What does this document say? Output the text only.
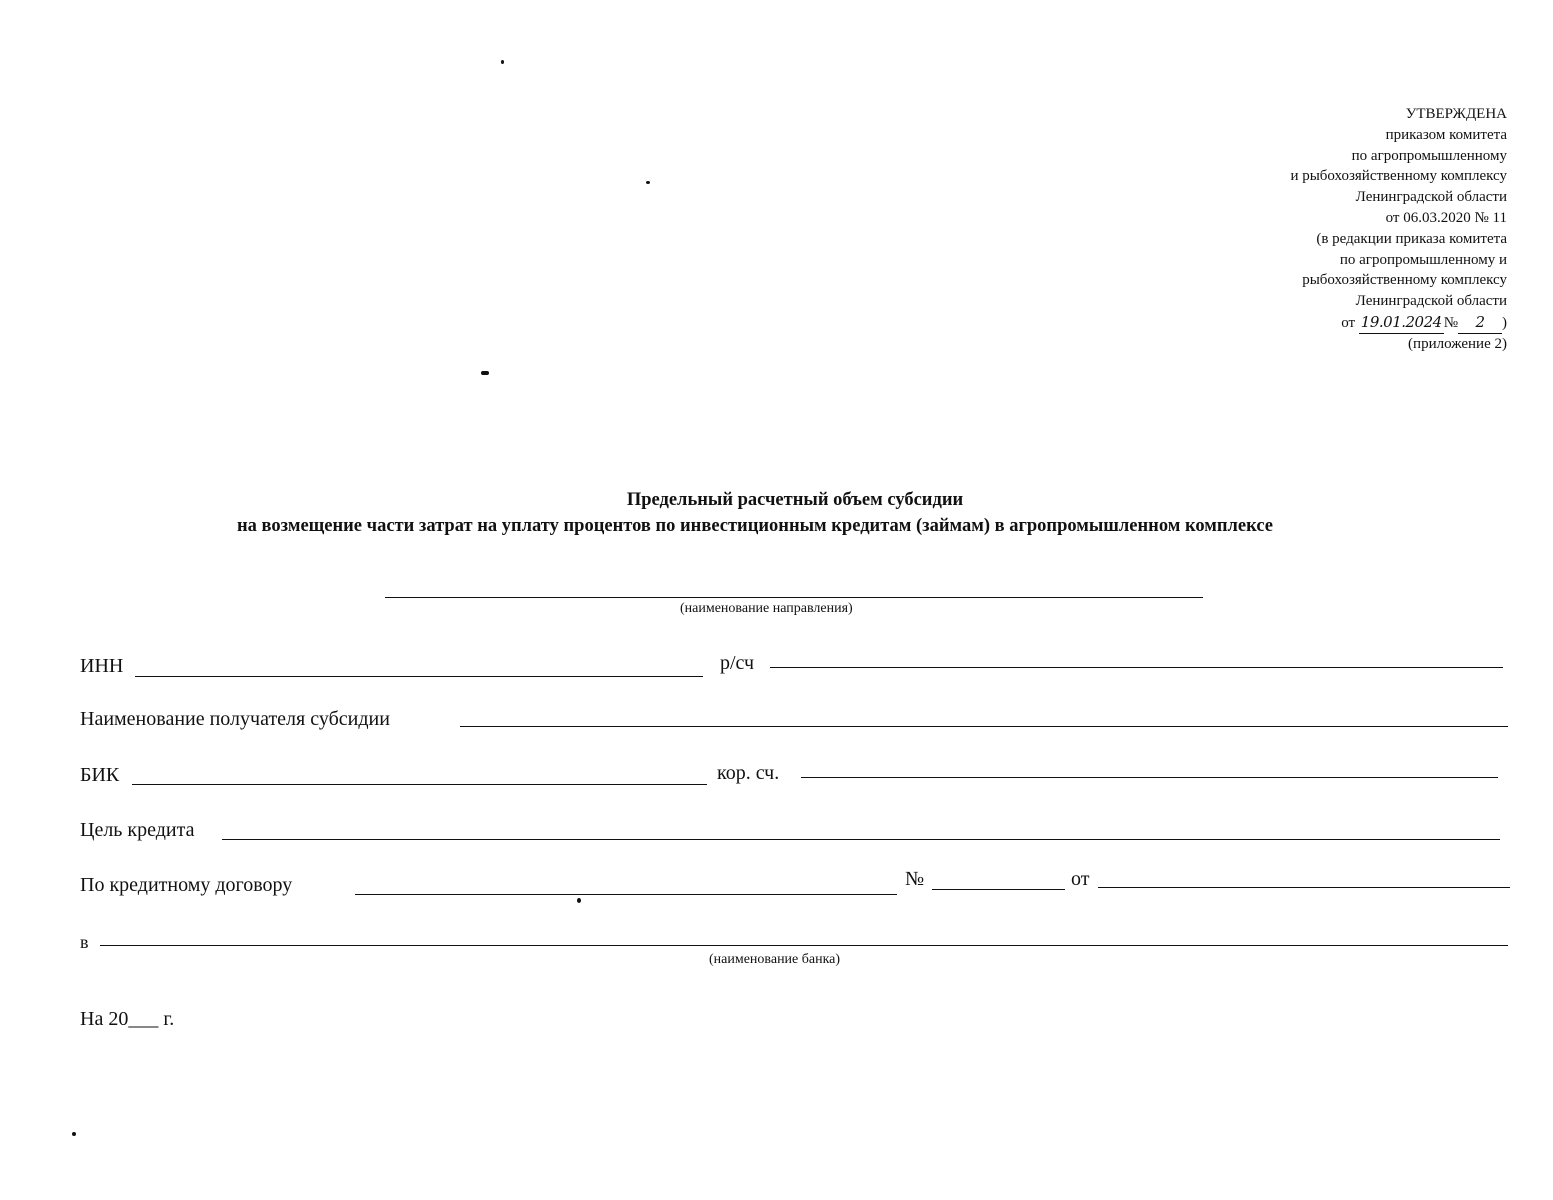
УТВЕРЖДЕНА
приказом комитета
по агропромышленному
и рыбохозяйственному комплексу
Ленинградской области
от 06.03.2020 № 11
(в редакции приказа комитета
по агропромышленному и
рыбохозяйственному комплексу
Ленинградской области
от 19.01.2024 № 2 )
(приложение 2)
Предельный расчетный объем субсидии
на возмещение части затрат на уплату процентов по инвестиционным кредитам (займам) в агропромышленном комплексе
(наименование направления)
ИНН	р/сч
Наименование получателя субсидии
БИК	кор. сч.
Цель кредита
По кредитному договору	№	от
в
(наименование банка)
На 20___ г.
